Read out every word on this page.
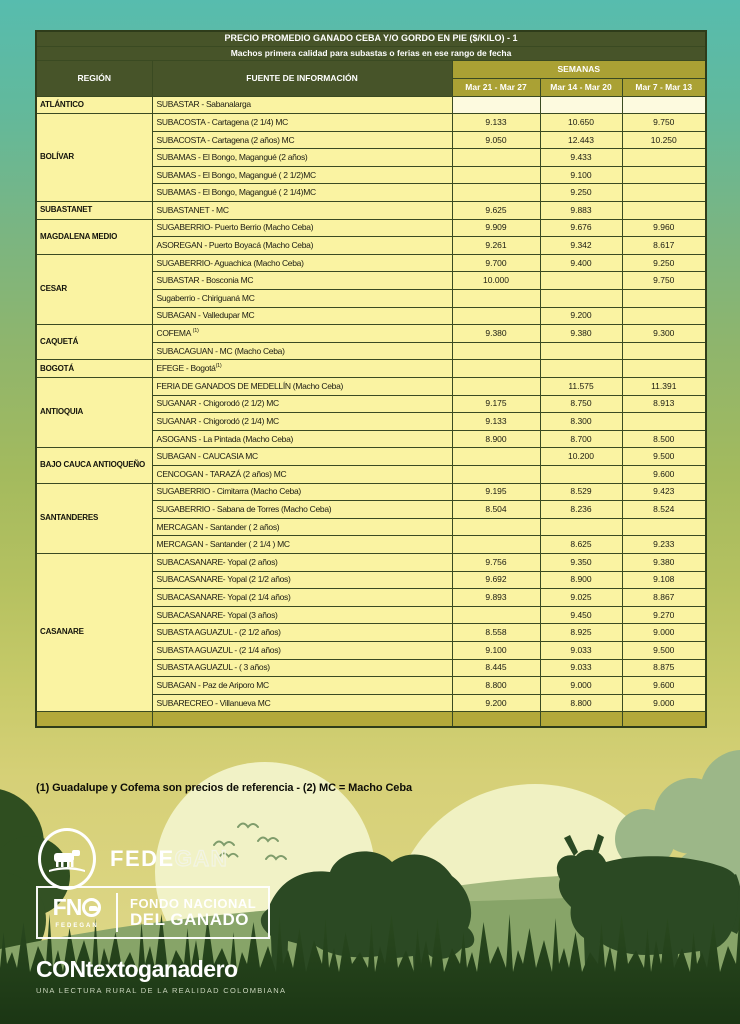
PRECIO PROMEDIO GANADO CEBA Y/O GORDO EN PIE ($/KILO) - 1				
Machos primera calidad para subastas o ferias en ese rango de fecha				
REGIÓN	FUENTE DE INFORMACIÓN	SEMANAS		
		Mar 21 - Mar 27	Mar 14 - Mar 20	Mar 7 - Mar 13
ATLÁNTICO	SUBASTAR - Sabanalarga			
BOLÍVAR	SUBACOSTA - Cartagena (2 1/4) MC	9.133	10.650	9.750
	SUBACOSTA - Cartagena (2 años) MC	9.050	12.443	10.250
	SUBAMAS - El Bongo, Magangué (2 años)		9.433	
	SUBAMAS - El Bongo, Magangué ( 2 1/2)MC		9.100	
	SUBAMAS - El Bongo, Magangué ( 2 1/4)MC		9.250	
SUBASTANET	SUBASTANET - MC	9.625	9.883	
MAGDALENA MEDIO	SUGABERRIO- Puerto Berrio (Macho Ceba)	9.909	9.676	9.960
	ASOREGAN - Puerto Boyacá (Macho Ceba)	9.261	9.342	8.617
CESAR	SUGABERRIO- Aguachica (Macho Ceba)	9.700	9.400	9.250
	SUBASTAR - Bosconia MC	10.000		9.750
	Sugaberrio - Chiriguaná MC			
	SUBAGAN - Valledupar MC		9.200	
CAQUETÁ	COFEMA $^{(1)}$	9.380	9.380	9.300
	SUBACAGUAN - MC (Macho Ceba)			
BOGOTÁ	EFEGE - Bogotá$^{(1)}$			
ANTIOQUIA	FERIA DE GANADOS DE MEDELLÍN (Macho Ceba)		11.575	11.391
	SUGANAR - Chigorodó (2 1/2) MC	9.175	8.750	8.913
	SUGANAR - Chigorodó (2 1/4) MC	9.133	8.300	
	ASOGANS - La Pintada (Macho Ceba)	8.900	8.700	8.500
BAJO CAUCA ANTIOQUEÑO	SUBAGAN - CAUCASIA MC		10.200	9.500
	CENCOGAN - TARAZÁ (2 años) MC			9.600
SANTANDERES	SUGABERRIO - Cimitarra (Macho Ceba)	9.195	8.529	9.423
	SUGABERRIO - Sabana de Torres (Macho Ceba)	8.504	8.236	8.524
	MERCAGAN - Santander ( 2 años)			
	MERCAGAN - Santander ( 2 1/4 ) MC		8.625	9.233
CASANARE	SUBACASANARE- Yopal (2 años)	9.756	9.350	9.380
	SUBACASANARE- Yopal (2 1/2 años)	9.692	8.900	9.108
	SUBACASANARE- Yopal (2 1/4 años)	9.893	9.025	8.867
	SUBACASANARE- Yopal (3 años)		9.450	9.270
	SUBASTA AGUAZUL - (2 1/2 años)	8.558	8.925	9.000
	SUBASTA AGUAZUL - (2 1/4 años)	9.100	9.033	9.500
	SUBASTA AGUAZUL - ( 3 años)	8.445	9.033	8.875
	SUBAGAN - Paz de Ariporo MC	8.800	9.000	9.600
	SUBARECREO - Villanueva MC	9.200	8.800	9.000

(1) Guadalupe y Cofema son precios de referencia - (2) MC = Macho Ceba
FEDEGAN
FN
FEDEGAN
FONDO NACIONAL
DEL GANADO
CONtextoganadero
UNA LECTURA RURAL DE LA REALIDAD COLOMBIANA
